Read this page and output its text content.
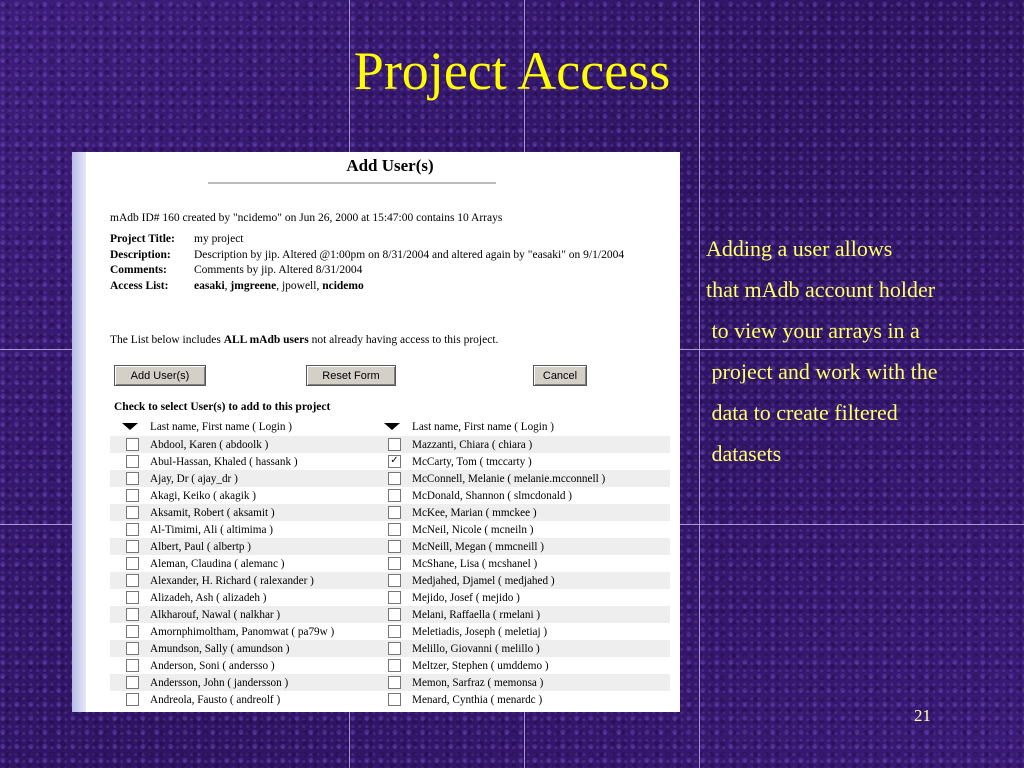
Project Access
Adding a user allows
that mAdb account holder
to view your arrays in a
project and work with the
data to create filtered
datasets
21
Add User(s)
mAdb ID# 160 created by "ncidemo" on Jun 26, 2000 at 15:47:00 contains 10 Arrays
Project Title:	my project
Description:	Description by jip. Altered @1:00pm on 8/31/2004 and altered again by "easaki" on 9/1/2004
Comments:	Comments by jip. Altered 8/31/2004
Access List:	easaki, jmgreene, jpowell, ncidemo
The List below includes ALL mAdb users not already having access to this project.
Add User(s)	Reset Form	Cancel
Check to select User(s) to add to this project
	Last name, First name ( Login )		Last name, First name ( Login )
	Abdool, Karen ( abdoolk )		Mazzanti, Chiara ( chiara )
	Abul-Hassan, Khaled ( hassank )	✓	McCarty, Tom ( tmccarty )
	Ajay, Dr ( ajay_dr )		McConnell, Melanie ( melanie.mcconnell )
	Akagi, Keiko ( akagik )		McDonald, Shannon ( slmcdonald )
	Aksamit, Robert ( aksamit )		McKee, Marian ( mmckee )
	Al-Timimi, Ali ( altimima )		McNeil, Nicole ( mcneiln )
	Albert, Paul ( albertp )		McNeill, Megan ( mmcneill )
	Aleman, Claudina ( alemanc )		McShane, Lisa ( mcshanel )
	Alexander, H. Richard ( ralexander )		Medjahed, Djamel ( medjahed )
	Alizadeh, Ash ( alizadeh )		Mejido, Josef ( mejido )
	Alkharouf, Nawal ( nalkhar )		Melani, Raffaella ( rmelani )
	Amornphimoltham, Panomwat ( pa79w )		Meletiadis, Joseph ( meletiaj )
	Amundson, Sally ( amundson )		Melillo, Giovanni ( melillo )
	Anderson, Soni ( andersso )		Meltzer, Stephen ( umddemo )
	Andersson, John ( jandersson )		Memon, Sarfraz ( memonsa )
	Andreola, Fausto ( andreolf )		Menard, Cynthia ( menardc )
